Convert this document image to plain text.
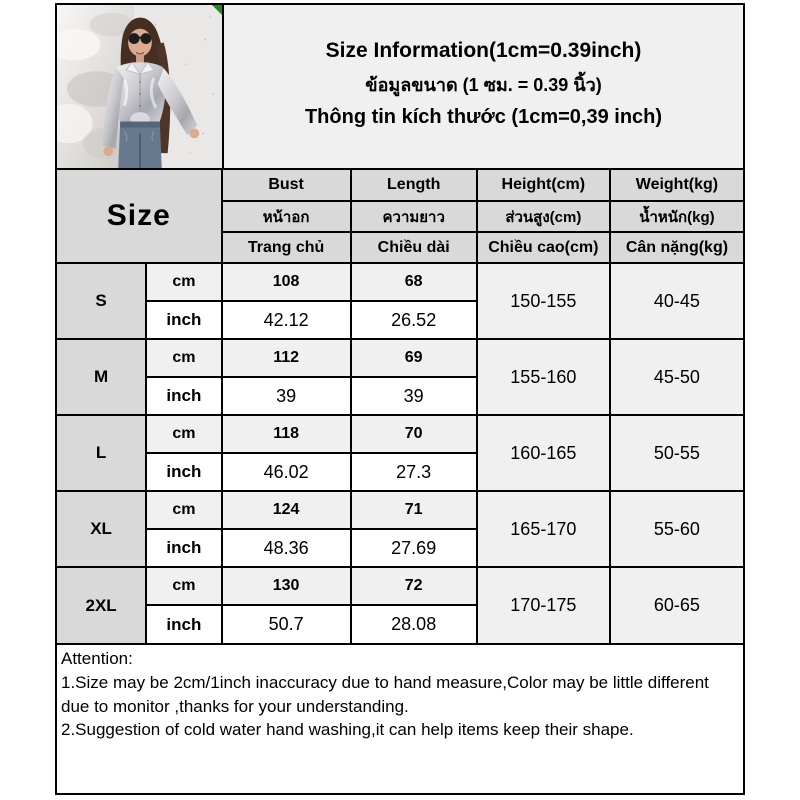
Size Information(1cm=0.39inch)
ข้อมูลขนาด (1 ซม. = 0.39 นิ้ว)
Thông tin kích thước (1cm=0,39 inch)
Size		Bust	Length	Height(cm)	Weight(kg)
		หน้าอก	ความยาว	ส่วนสูง(cm)	น้ำหนัก(kg)
		Trang chủ	Chiều dài	Chiều cao(cm)	Cân nặng(kg)
S	cm	108	68	150-155	40-45
	inch	42.12	26.52		
M	cm	112	69	155-160	45-50
	inch	39	39		
L	cm	118	70	160-165	50-55
	inch	46.02	27.3		
XL	cm	124	71	165-170	55-60
	inch	48.36	27.69		
2XL	cm	130	72	170-175	60-65
	inch	50.7	28.08		

Attention:

1.Size may be 2cm/1inch inaccuracy due to hand measure,Color may be little different due to monitor ,thanks for your understanding.

2.Suggestion of cold water hand washing,it can help items keep their shape.
